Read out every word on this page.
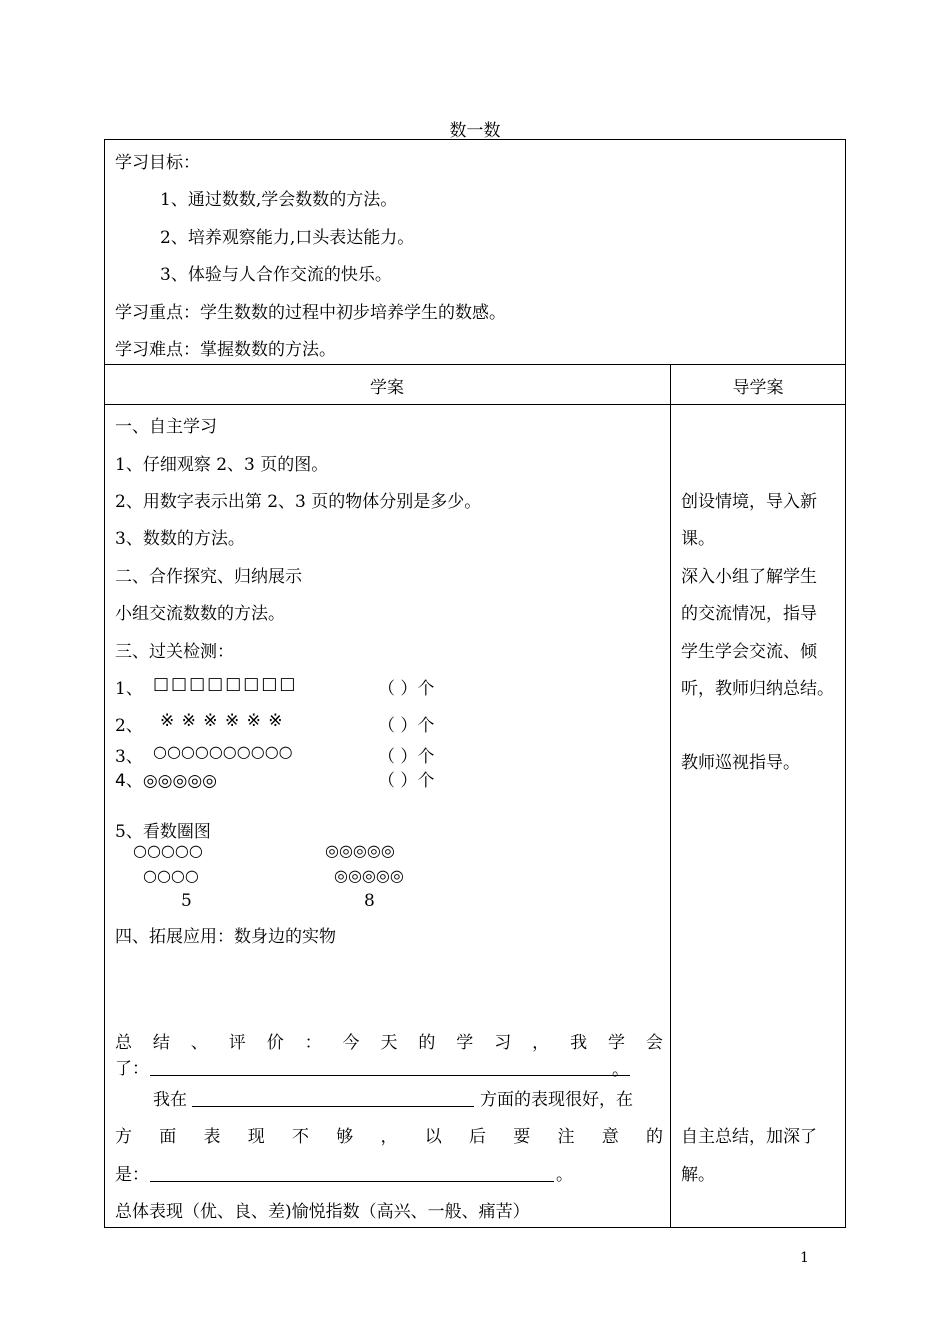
数一数
学习目标：
1、通过数数,学会数数的方法。
2、培养观察能力,口头表达能力。
3、体验与人合作交流的快乐。
学习重点：学生数数的过程中初步培养学生的数感。
学习难点：掌握数数的方法。
学案	导学案
一、自主学习
1、仔细观察 2、3 页的图。
2、用数字表示出第 2、3 页的物体分别是多少。
3、数数的方法。
二、合作探究、归纳展示
小组交流数数的方法。
三、过关检测：
1、 □□□□□□□□	（ ）个
2、 ※ ※ ※ ※ ※ ※	（ ）个
3、 ○○○○○○○○○○	（ ）个
4、◎◎◎◎◎	（ ）个
5、看数圈图
○○○○○
○○○○
5
◎◎◎◎◎
◎◎◎◎◎
8
四、拓展应用：数身边的实物
总 结 、 评 价 ： 今 天 的 学 习 ， 我 学 会
了：	。
我在	方面的表现很好，在
方 面 表 现 不 够 ， 以 后 要 注 意 的
是：	。
总体表现（优、良、差)愉悦指数（高兴、一般、痛苦）
创设情境，导入新
课。
深入小组了解学生
的交流情况，指导
学生学会交流、倾
听，教师归纳总结。
教师巡视指导。
自主总结，加深了
解。
1
